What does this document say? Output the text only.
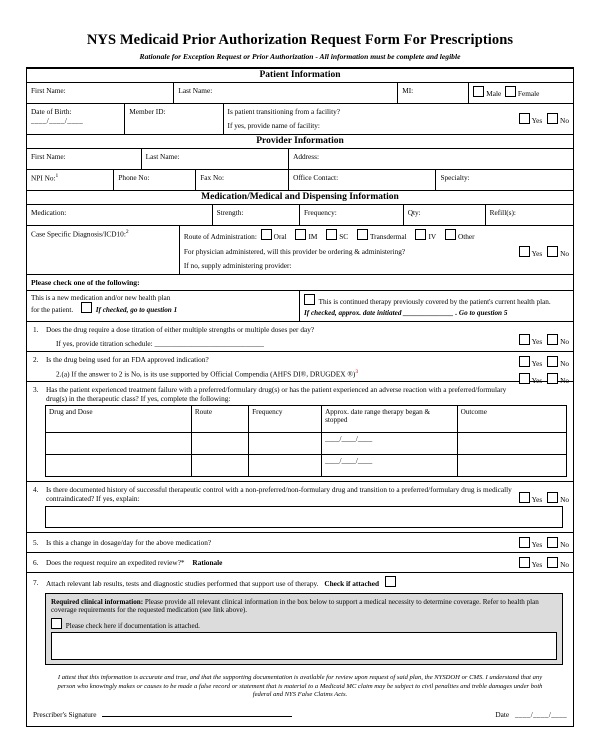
NYS Medicaid Prior Authorization Request Form For Prescriptions
Rationale for Exception Request or Prior Authorization - All information must be complete and legible
Patient Information
First Name:	Last Name:	MI:	Male Female
Date of Birth:
____/____/____
Member ID:	Is patient transitioning from a facility?
If yes, provide name of facility:
Yes No
Provider Information
First Name:	Last Name:	Address:
NPI No:$^1$	Phone No:	Fax No:	Office Contact:	Specialty:
Medication/Medical and Dispensing Information
Medication:	Strength:	Frequency:	Qty:	Refill(s):
Case Specific Diagnosis/ICD10:$^2$	Route of Administration: Oral	IM	SC	Transdermal	IV	Other
For physician administered, will this provider be ordering & administering?	Yes No
If no, supply administering provider:
Please check one of the following:
This is a new medication and/or new health plan
for the patient.	If checked, go to question 1
This is continued therapy previously covered by the patient's current health plan.
If checked, approx. date initiated ______________ . Go to question 5
1.	Does the drug require a dose titration of either multiple strengths or multiple doses per day?
If yes, provide titration schedule: ______________________________	Yes No
2.	Is the drug being used for an FDA approved indication?
2.(a) If the answer to 2 is No, is its use supported by Official Compendia (AHFS DI®, DRUGDEX ®)$^3$
Yes No
Yes No
3.	Has the patient experienced treatment failure with a preferred/formulary drug(s) or has the patient experienced an adverse reaction with a preferred/formulary drug(s) in the therapeutic class? If yes, complete the following:
Drug and Dose	Route	Frequency	Approx. date range therapy began & stopped	Outcome
			____/____/____	
			____/____/____	
4.	Is there documented history of successful therapeutic control with a non-preferred/non-formulary drug and transition to a preferred/formulary drug is medically contraindicated? If yes, explain:	Yes No
5.	Is this a change in dosage/day for the above medication?	Yes No
6.	Does the request require an expedited review?* Rationale	Yes No
7.	Attach relevant lab results, tests and diagnostic studies performed that support use of therapy. Check if attached
Required clinical information: Please provide all relevant clinical information in the box below to support a medical necessity to determine coverage. Refer to health plan coverage requirements for the requested medication (see link above).
Please check here if documentation is attached.
I attest that this information is accurate and true, and that the supporting documentation is available for review upon request of said plan, the NYSDOH or CMS. I understand that any person who knowingly makes or causes to be made a false record or statement that is material to a Medicaid MC claim may be subject to civil penalties and treble damages under both federal and NYS False Claims Acts.
Prescriber's Signature	Date ____/____/____
